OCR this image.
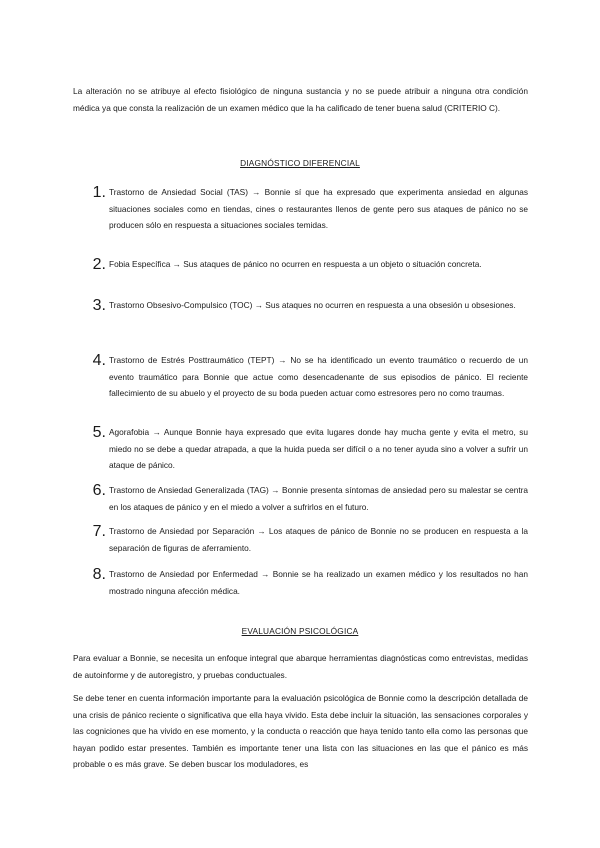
La alteración no se atribuye al efecto fisiológico de ninguna sustancia y no se puede atribuir a ninguna otra condición médica ya que consta la realización de un examen médico que la ha calificado de tener buena salud (CRITERIO C).

DIAGNÓSTICO DIFERENCIAL
1. Trastorno de Ansiedad Social (TAS) → Bonnie sí que ha expresado que experimenta ansiedad en algunas situaciones sociales como en tiendas, cines o restaurantes llenos de gente pero sus ataques de pánico no se producen sólo en respuesta a situaciones sociales temidas.

2. Fobia Específica → Sus ataques de pánico no ocurren en respuesta a un objeto o situación concreta.

3. Trastorno Obsesivo-Compulsico (TOC) → Sus ataques no ocurren en respuesta a una obsesión u obsesiones.

4. Trastorno de Estrés Posttraumático (TEPT) → No se ha identificado un evento traumático o recuerdo de un evento traumático para Bonnie que actue como desencadenante de sus episodios de pánico. El reciente fallecimiento de su abuelo y el proyecto de su boda pueden actuar como estresores pero no como traumas.

5. Agorafobia → Aunque Bonnie haya expresado que evita lugares donde hay mucha gente y evita el metro, su miedo no se debe a quedar atrapada, a que la huida pueda ser difícil o a no tener ayuda sino a volver a sufrir un ataque de pánico.

6. Trastorno de Ansiedad Generalizada (TAG) → Bonnie presenta síntomas de ansiedad pero su malestar se centra en los ataques de pánico y en el miedo a volver a sufrirlos en el futuro.

7. Trastorno de Ansiedad por Separación → Los ataques de pánico de Bonnie no se producen en respuesta a la separación de figuras de aferramiento.

8. Trastorno de Ansiedad por Enfermedad → Bonnie se ha realizado un examen médico y los resultados no han mostrado ninguna afección médica.

EVALUACIÓN PSICOLÓGICA

Para evaluar a Bonnie, se necesita un enfoque integral que abarque herramientas diagnósticas como entrevistas, medidas de autoinforme y de autoregistro, y pruebas conductuales.

Se debe tener en cuenta información importante para la evaluación psicológica de Bonnie como la descripción detallada de una crisis de pánico reciente o significativa que ella haya vivido. Esta debe incluir la situación, las sensaciones corporales y las cogniciones que ha vivido en ese momento, y la conducta o reacción que haya tenido tanto ella como las personas que hayan podido estar presentes. También es importante tener una lista con las situaciones en las que el pánico es más probable o es más grave. Se deben buscar los moduladores, es
